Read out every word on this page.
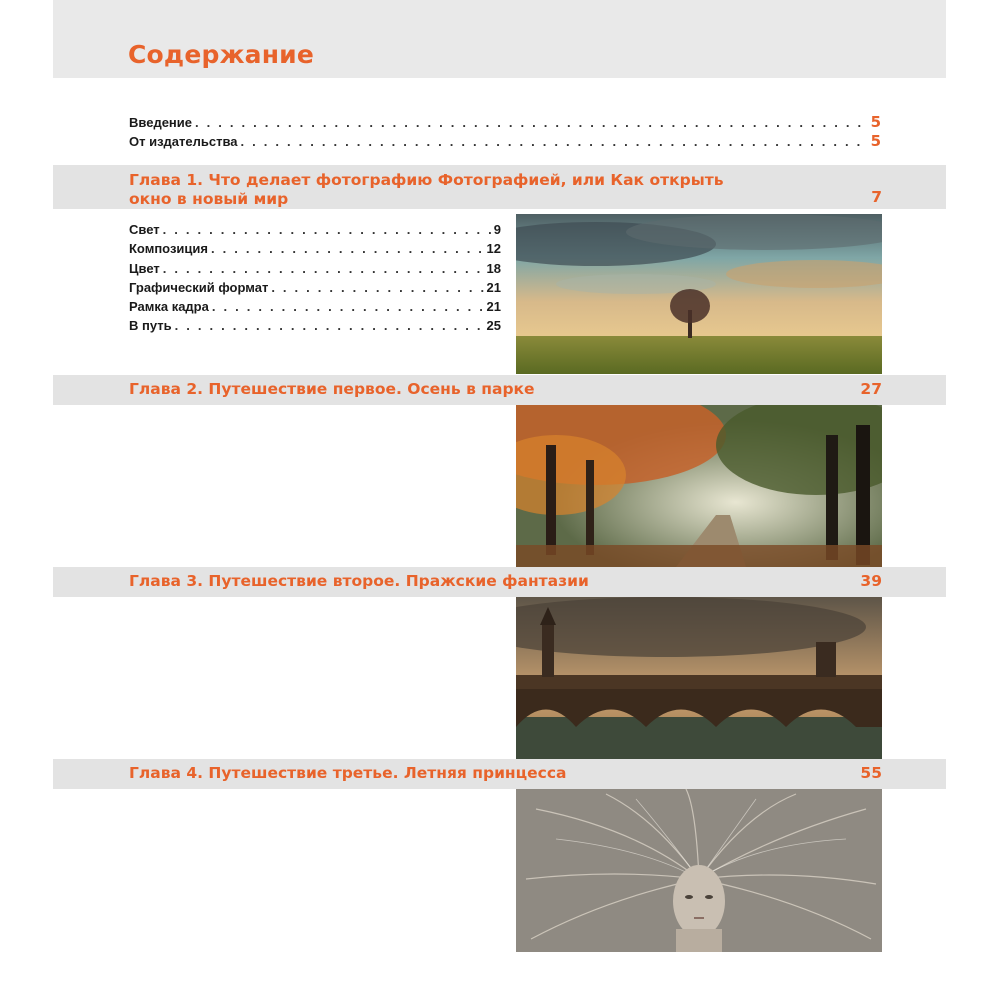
Содержание
Введение . . .	5
От издательства . . .	5

Глава 1. Что делает фотографию Фотографией, или Как открыть
окно в новый мир	7
Свет . . .	9
Композиция . . .	12
Цвет . . .	18
Графический формат . . .	21
Рамка кадра . . .	21
В путь . . .	25

Глава 2. Путешествие первое. Осень в парке	27

Глава 3. Путешествие второе. Пражские фантазии	39

Глава 4. Путешествие третье. Летняя принцесса	55
